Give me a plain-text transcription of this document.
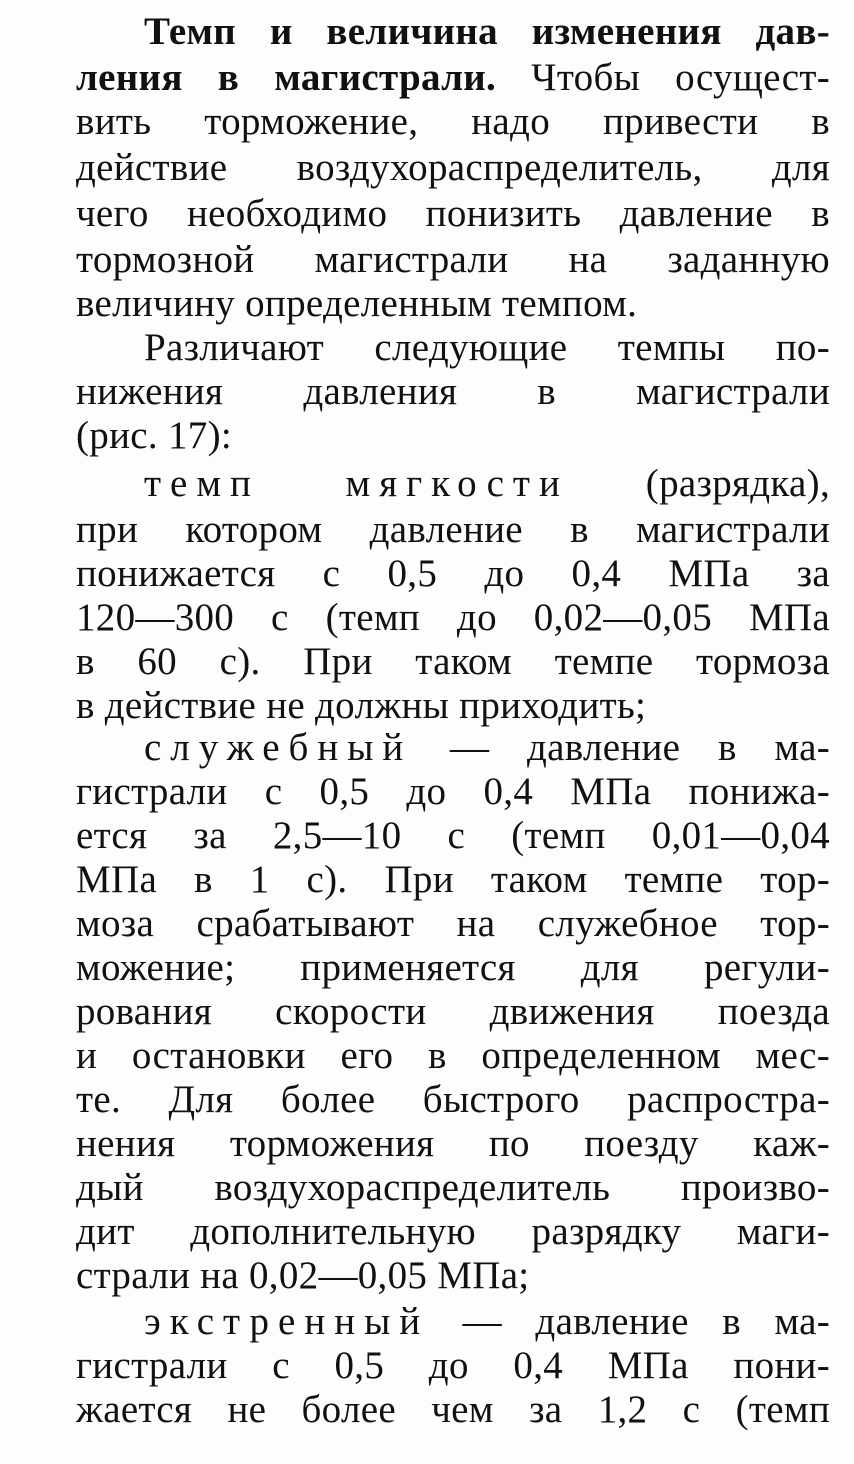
Темп и величина изменения дав-
ления в магистрали. Чтобы осущест-
вить торможение, надо привести в
действие воздухораспределитель, для
чего необходимо понизить давление в
тормозной магистрали на заданную
величину определенным темпом.
Различают следующие темпы по-
нижения давления в магистрали
(рис. 17):
темп мягкости (разрядка),
при котором давление в магистрали
понижается с 0,5 до 0,4 МПа за
120—300 с (темп до 0,02—0,05 МПа
в 60 с). При таком темпе тормоза
в действие не должны приходить;
служебный — давление в ма-
гистрали с 0,5 до 0,4 МПа понижа-
ется за 2,5—10 с (темп 0,01—0,04
МПа в 1 с). При таком темпе тор-
моза срабатывают на служебное тор-
можение; применяется для регули-
рования скорости движения поезда
и остановки его в определенном мес-
те. Для более быстрого распростра-
нения торможения по поезду каж-
дый воздухораспределитель произво-
дит дополнительную разрядку маги-
страли на 0,02—0,05 МПа;
экстренный — давление в ма-
гистрали с 0,5 до 0,4 МПа пони-
жается не более чем за 1,2 с (темп
